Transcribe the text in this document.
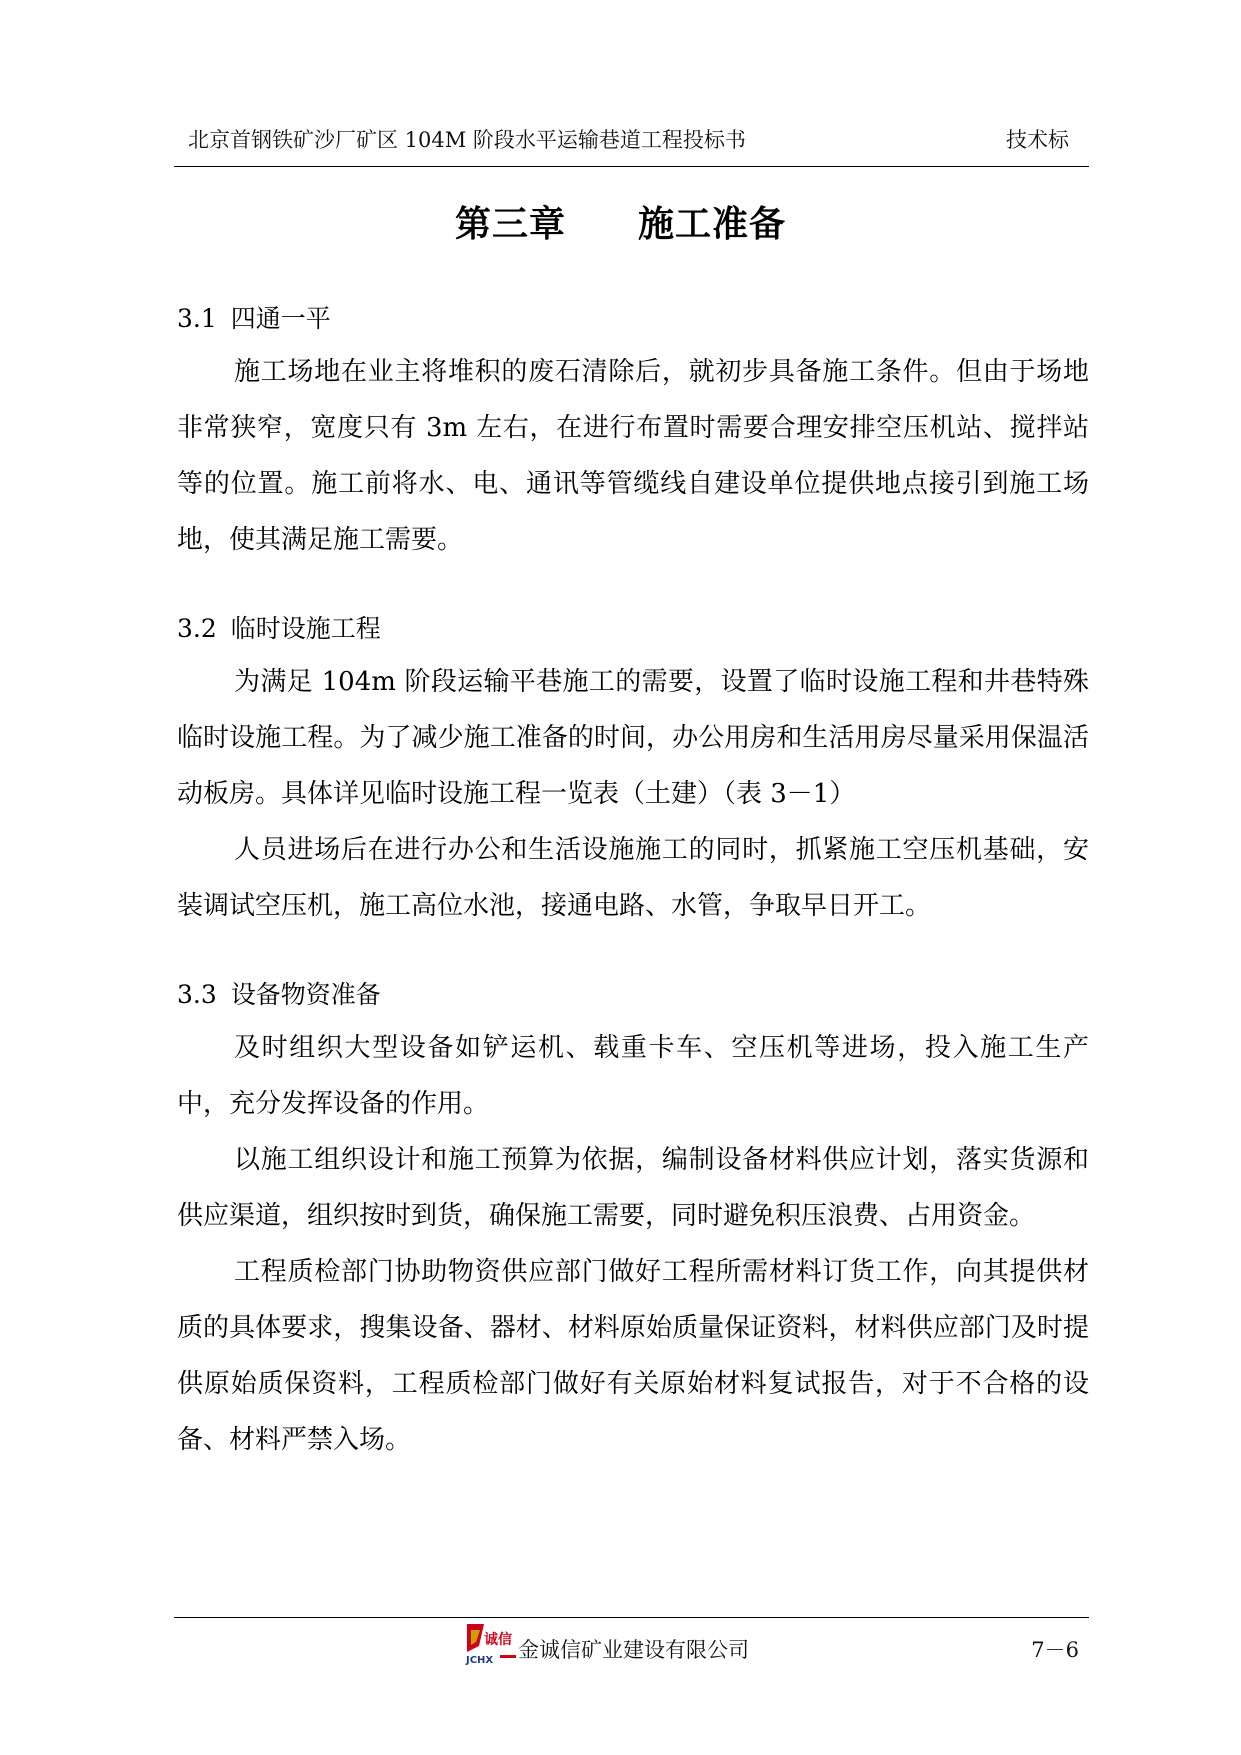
北京首钢铁矿沙厂矿区 104M 阶段水平运输巷道工程投标书	技术标
第三章 施工准备
3.1 四通一平

施工场地在业主将堆积的废石清除后，就初步具备施工条件。但由于场地非常狭窄，宽度只有 3m 左右，在进行布置时需要合理安排空压机站、搅拌站等的位置。施工前将水、电、通讯等管缆线自建设单位提供地点接引到施工场地，使其满足施工需要。

3.2 临时设施工程

为满足 104m 阶段运输平巷施工的需要，设置了临时设施工程和井巷特殊临时设施工程。为了减少施工准备的时间，办公用房和生活用房尽量采用保温活动板房。具体详见临时设施工程一览表（土建）（表 3－1）

人员进场后在进行办公和生活设施施工的同时，抓紧施工空压机基础，安装调试空压机，施工高位水池，接通电路、水管，争取早日开工。

3.3 设备物资准备

及时组织大型设备如铲运机、载重卡车、空压机等进场，投入施工生产中，充分发挥设备的作用。

以施工组织设计和施工预算为依据，编制设备材料供应计划，落实货源和供应渠道，组织按时到货，确保施工需要，同时避免积压浪费、占用资金。

工程质检部门协助物资供应部门做好工程所需材料订货工作，向其提供材质的具体要求，搜集设备、器材、材料原始质量保证资料，材料供应部门及时提供原始质保资料，工程质检部门做好有关原始材料复试报告，对于不合格的设备、材料严禁入场。

诚信
JCHX 金诚信矿业建设有限公司	7－6
